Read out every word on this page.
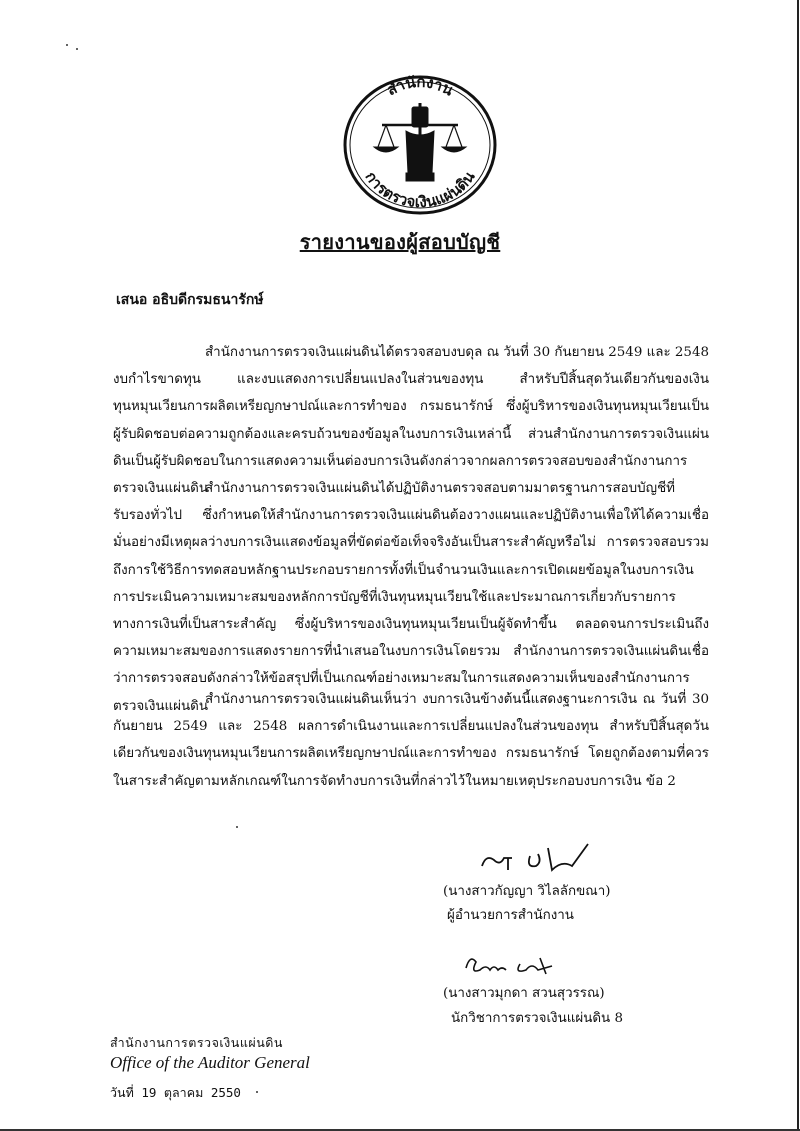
สำนักงาน
การตรวจเงินแผ่นดิน
รายงานของผู้สอบบัญชี
เสนอ อธิบดีกรมธนารักษ์
สำนักงานการตรวจเงินแผ่นดินได้ตรวจสอบงบดุล ณ วันที่ 30 กันยายน 2549 และ 2548 งบกำไรขาดทุน และงบแสดงการเปลี่ยนแปลงในส่วนของทุน สำหรับปีสิ้นสุดวันเดียวกันของเงินทุนหมุนเวียนการผลิตเหรียญกษาปณ์และการทำของ กรมธนารักษ์ ซึ่งผู้บริหารของเงินทุนหมุนเวียนเป็นผู้รับผิดชอบต่อความถูกต้องและครบถ้วนของข้อมูลในงบการเงินเหล่านี้ ส่วนสำนักงานการตรวจเงินแผ่นดินเป็นผู้รับผิดชอบในการแสดงความเห็นต่องบการเงินดังกล่าวจากผลการตรวจสอบของสำนักงานการตรวจเงินแผ่นดิน
สำนักงานการตรวจเงินแผ่นดินได้ปฏิบัติงานตรวจสอบตามมาตรฐานการสอบบัญชีที่รับรองทั่วไป ซึ่งกำหนดให้สำนักงานการตรวจเงินแผ่นดินต้องวางแผนและปฏิบัติงานเพื่อให้ได้ความเชื่อมั่นอย่างมีเหตุผลว่างบการเงินแสดงข้อมูลที่ขัดต่อข้อเท็จจริงอันเป็นสาระสำคัญหรือไม่ การตรวจสอบรวมถึงการใช้วิธีการทดสอบหลักฐานประกอบรายการทั้งที่เป็นจำนวนเงินและการเปิดเผยข้อมูลในงบการเงิน การประเมินความเหมาะสมของหลักการบัญชีที่เงินทุนหมุนเวียนใช้และประมาณการเกี่ยวกับรายการทางการเงินที่เป็นสาระสำคัญ ซึ่งผู้บริหารของเงินทุนหมุนเวียนเป็นผู้จัดทำขึ้น ตลอดจนการประเมินถึงความเหมาะสมของการแสดงรายการที่นำเสนอในงบการเงินโดยรวม สำนักงานการตรวจเงินแผ่นดินเชื่อว่าการตรวจสอบดังกล่าวให้ข้อสรุปที่เป็นเกณฑ์อย่างเหมาะสมในการแสดงความเห็นของสำนักงานการตรวจเงินแผ่นดิน
สำนักงานการตรวจเงินแผ่นดินเห็นว่า งบการเงินข้างต้นนี้แสดงฐานะการเงิน ณ วันที่ 30 กันยายน 2549 และ 2548 ผลการดำเนินงานและการเปลี่ยนแปลงในส่วนของทุน สำหรับปีสิ้นสุดวันเดียวกันของเงินทุนหมุนเวียนการผลิตเหรียญกษาปณ์และการทำของ กรมธนารักษ์ โดยถูกต้องตามที่ควรในสาระสำคัญตามหลักเกณฑ์ในการจัดทำงบการเงินที่กล่าวไว้ในหมายเหตุประกอบงบการเงิน ข้อ 2
(นางสาวกัญญา วิไลลักขณา)
ผู้อำนวยการสำนักงาน
(นางสาวมุกดา สวนสุวรรณ)
นักวิชาการตรวจเงินแผ่นดิน 8
สำนักงานการตรวจเงินแผ่นดิน
Office of the Auditor General
วันที่ 19 ตุลาคม 2550
